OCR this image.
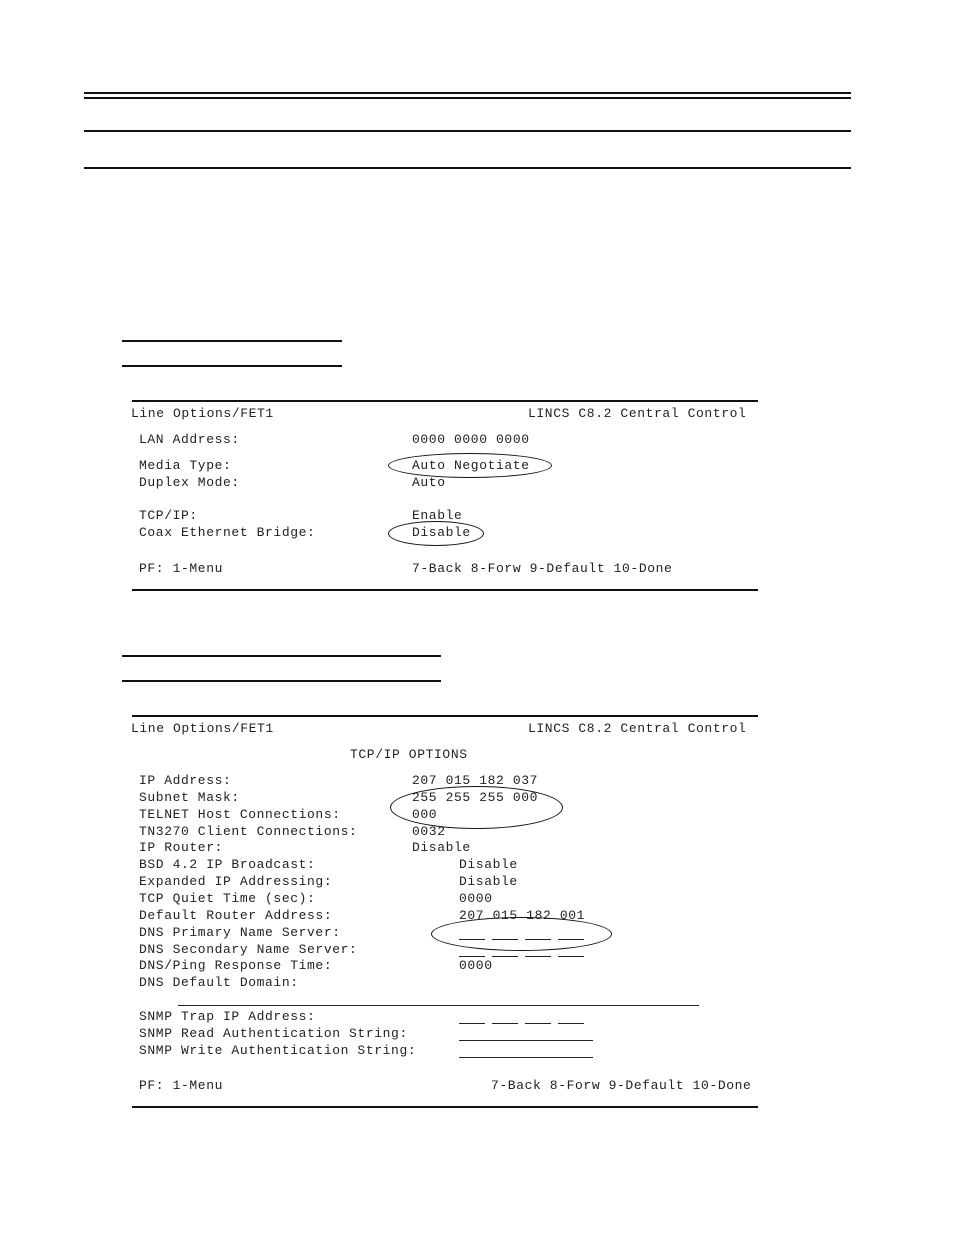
Line Options/FET1	LINCS C8.2 Central Control
LAN Address:	0000 0000 0000
Media Type:	Auto Negotiate
Duplex Mode:	Auto
TCP/IP:	Enable
Coax Ethernet Bridge:	Disable
PF: 1-Menu	7-Back 8-Forw 9-Default 10-Done
Line Options/FET1	LINCS C8.2 Central Control
TCP/IP OPTIONS
IP Address:	207 015 182 037
Subnet Mask:	255 255 255 000
TELNET Host Connections:	000
TN3270 Client Connections:	0032
IP Router:	Disable
BSD 4.2 IP Broadcast:	Disable
Expanded IP Addressing:	Disable
TCP Quiet Time (sec):	0000
Default Router Address:	207 015 182 001
DNS Primary Name Server:
DNS Secondary Name Server:
DNS/Ping Response Time:	0000
DNS Default Domain:
SNMP Trap IP Address:
SNMP Read Authentication String:
SNMP Write Authentication String:
PF: 1-Menu	7-Back 8-Forw 9-Default 10-Done
